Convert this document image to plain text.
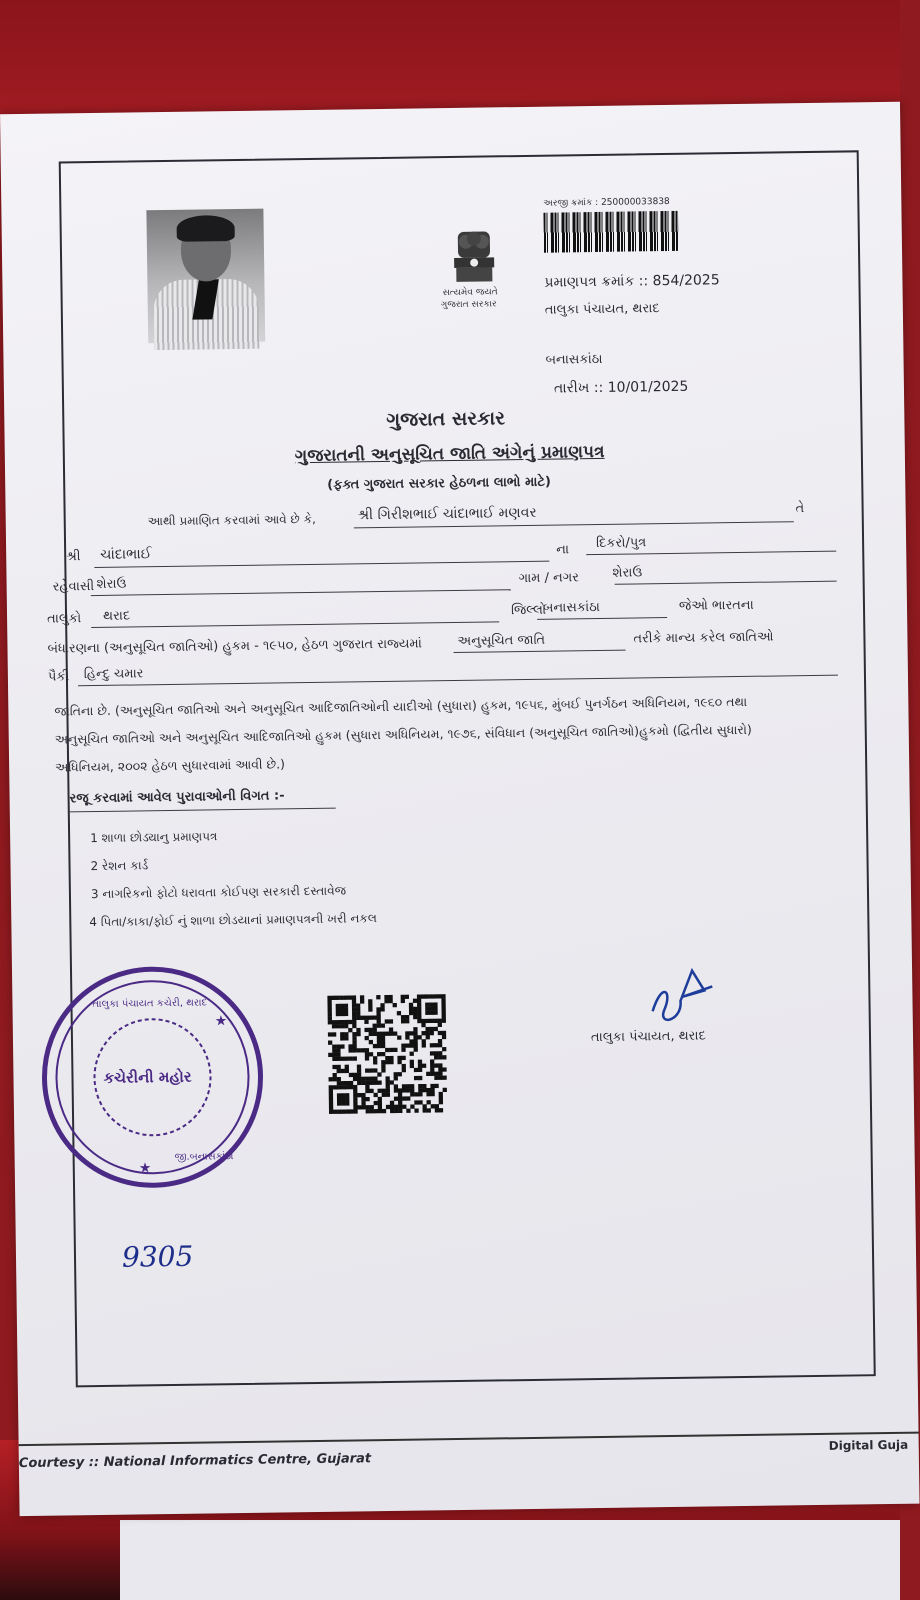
સત્યમેવ જયતે
ગુજરાત સરકાર
અરજી ક્રમાંક : 250000033838
પ્રમાણપત્ર ક્રમાંક :: 854/2025
તાલુકા પંચાયત, થરાદ
બનાસકાંઠા
તારીખ :: 10/01/2025
ગુજરાત સરકાર
ગુજરાતની અનુસૂચિત જાતિ અંગેનું પ્રમાણપત્ર
(ફક્ત ગુજરાત સરકાર હેઠળના લાભો માટે)
આથી પ્રમાણિત કરવામાં આવે છે કે,	શ્રી ગિરીશભાઈ ચાંદાભાઈ મણવર	તે
શ્રી ચાંદાભાઈ	ના દિકરો/પુત્ર
રહેવાસી શેરાઉ	ગામ / નગર	શેરાઉ
તાલુકો થરાદ	જિલ્લો
બનાસકાંઠા	જેઓ ભારતના
બંધારણના (અનુસૂચિત જાતિઓ) હુકમ - ૧૯૫૦, હેઠળ ગુજરાત રાજ્યમાં	અનુસૂચિત જાતિ	તરીકે માન્ય કરેલ જાતિઓ
પૈકી હિન્દુ ચમાર
જાતિના છે. (અનુસૂચિત જાતિઓ અને અનુસૂચિત આદિજાતિઓની યાદીઓ (સુધારા) હુકમ, ૧૯૫૬, મુંબઈ પુનર્ગઠન અધિનિયમ, ૧૯૬૦ તથા
અનુસૂચિત જાતિઓ અને અનુસૂચિત આદિજાતિઓ હુકમ (સુધારા અધિનિયમ, ૧૯૭૬, સંવિધાન (અનુસૂચિત જાતિઓ)હુકમો (દ્વિતીય સુધારો)
અધિનિયમ, ૨૦૦૨ હેઠળ સુધારવામાં આવી છે.)
રજૂ કરવામાં આવેલ પુરાવાઓની વિગત :-
1 શાળા છોડ્યાનુ પ્રમાણપત્ર
2 રેશન કાર્ડ
3 નાગરિકનો ફોટો ધરાવતા કોઈપણ સરકારી દસ્તાવેજ
4 પિતા/કાકા/ફોઈ નું શાળા છોડયાનાં પ્રમાણપત્રની ખરી નકલ
★
★
કચેરીની મહોર
તાલુકા પંચાયત કચેરી, થરાદ
જી.બનાસકાંઠા
તાલુકા પંચાયત, થરાદ
9305
Courtesy :: National Informatics Centre, Gujarat
Digital Guja
